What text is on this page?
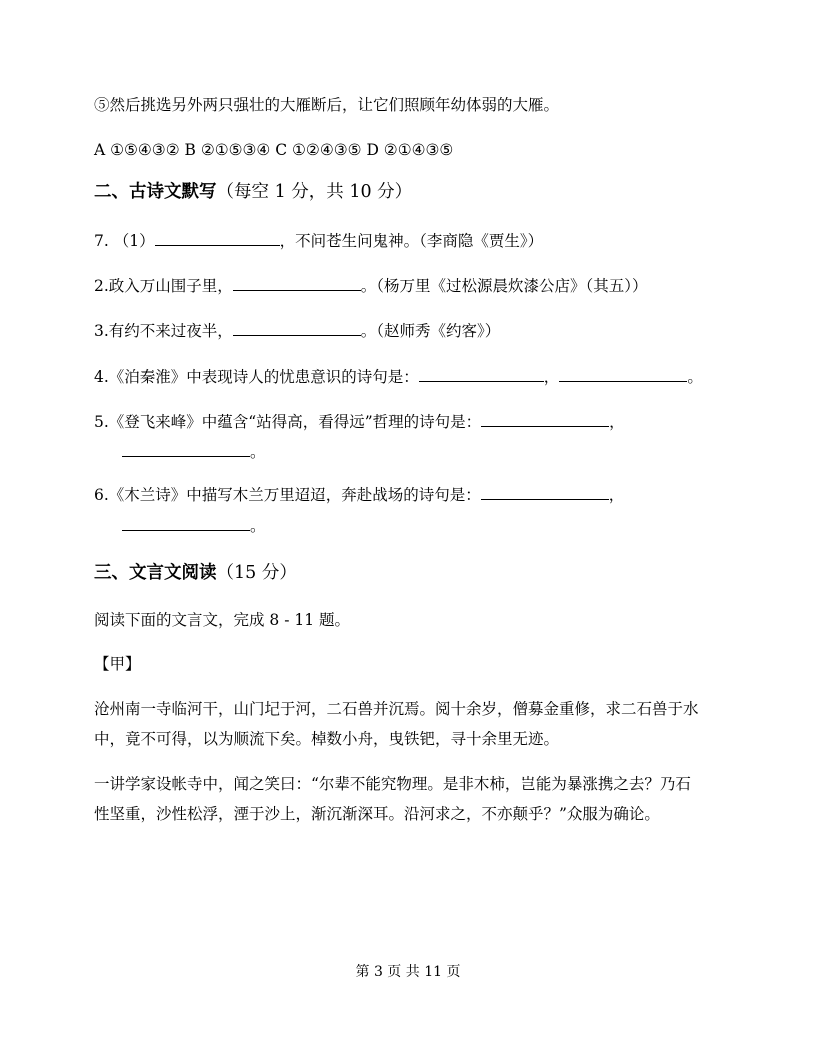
⑤然后挑选另外两只强壮的大雁断后，让它们照顾年幼体弱的大雁。
A ①⑤④③② B ②①⑤③④ C ①②④③⑤ D ②①④③⑤
二、古诗文默写（每空 1 分，共 10 分）
7. （1）	，不问苍生问鬼神。（李商隐《贾生》）
2.政入万山围子里，	。（杨万里《过松源晨炊漆公店》（其五））
3.有约不来过夜半，	。（赵师秀《约客》）
4.《泊秦淮》中表现诗人的忧患意识的诗句是：	，	。
5.《登飞来峰》中蕴含“站得高，看得远”哲理的诗句是：	，
。
6.《木兰诗》中描写木兰万里迢迢，奔赴战场的诗句是：	，
。
三、文言文阅读（15 分）
阅读下面的文言文，完成 8 - 11 题。
【甲】
沧州南一寺临河干，山门圮于河，二石兽并沉焉。阅十余岁，僧募金重修，求二石兽于水
中，竟不可得，以为顺流下矣。棹数小舟，曳铁钯，寻十余里无迹。
一讲学家设帐寺中，闻之笑曰：“尔辈不能究物理。是非木柿，岂能为暴涨携之去？乃石
性坚重，沙性松浮，湮于沙上，渐沉渐深耳。沿河求之，不亦颠乎？”众服为确论。
第 3 页 共 11 页
